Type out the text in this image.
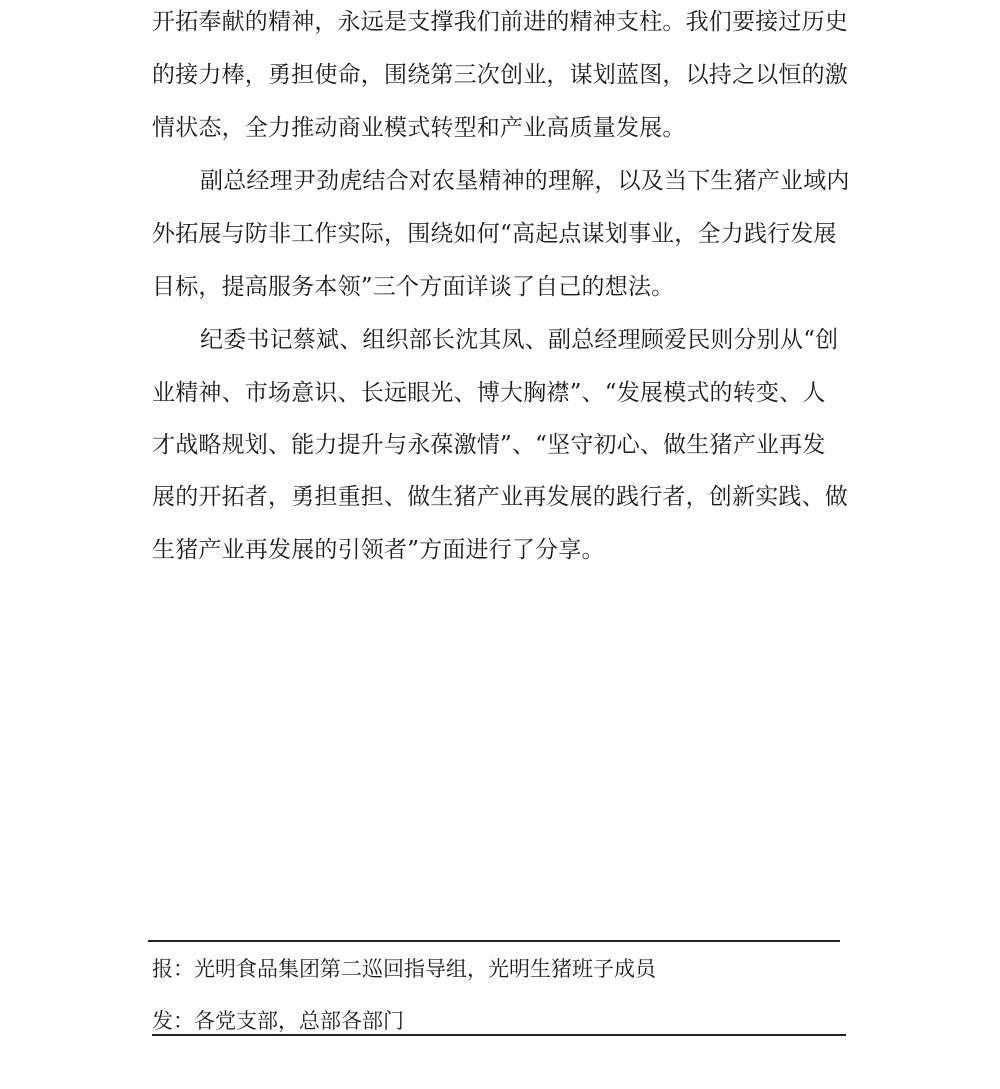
开拓奉献的精神，永远是支撑我们前进的精神支柱。我们要接过历史
的接力棒，勇担使命，围绕第三次创业，谋划蓝图，以持之以恒的激
情状态，全力推动商业模式转型和产业高质量发展。
副总经理尹劲虎结合对农垦精神的理解，以及当下生猪产业域内
外拓展与防非工作实际，围绕如何“高起点谋划事业，全力践行发展
目标，提高服务本领”三个方面详谈了自己的想法。
纪委书记蔡斌、组织部长沈其凤、副总经理顾爱民则分别从“创
业精神、市场意识、长远眼光、博大胸襟”、“发展模式的转变、人
才战略规划、能力提升与永葆激情”、“坚守初心、做生猪产业再发
展的开拓者，勇担重担、做生猪产业再发展的践行者，创新实践、做
生猪产业再发展的引领者”方面进行了分享。
报：光明食品集团第二巡回指导组，光明生猪班子成员
发：各党支部，总部各部门
